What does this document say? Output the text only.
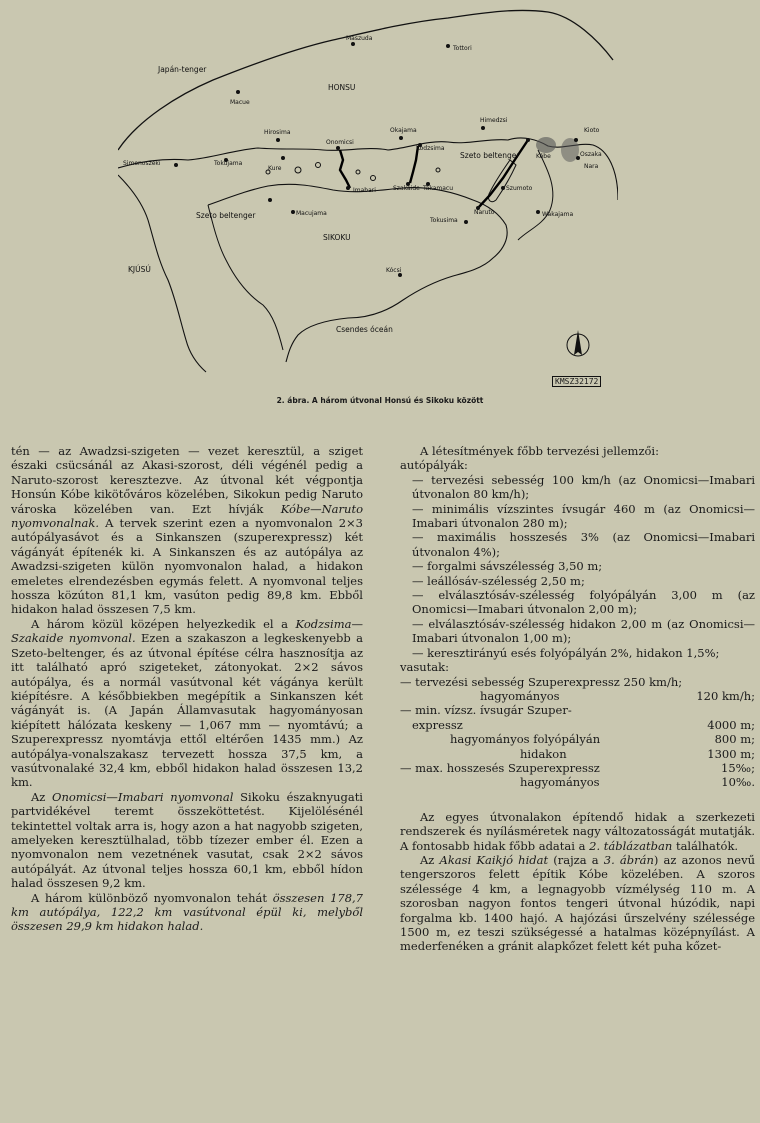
Japán-tenger
HONSU
SIKOKU
KJÚSÚ
Szeto beltenger
Szeto beltenger
Csendes óceán
Hirosima
Simonoszeki
Onomicsi
Okajama
Kodzsima
Kóbe	Oszaka
Kioto
Nara
Macue
Tottori
Maszuda
Himedzsi
Szakaide Takamacu
Imabari
Macujama
Tokusima
Naruto
Szumoto
Wakajama
Kócsi
Kure
Tokujama
KMSZ32172
2. ábra. A három útvonal Honsú és Sikoku között

tén — az Awadzsi-szigeten — vezet keresztül, a sziget északi csücsánál az Akasi-szorost, déli végénél pedig a Naruto-szorost keresztezve. Az útvonal két végpontja Honsún Kóbe kikötőváros közelében, Sikokun pedig Naruto városka közelében van. Ezt hívják Kóbe—Naruto nyomvonalnak. A tervek szerint ezen a nyomvonalon 2×3 autópályasávot és a Sinkanszen (szuperexpressz) két vágányát építenék ki. A Sinkanszen és az autópálya az Awadzsi-szigeten külön nyomvonalon halad, a hidakon emeletes elrendezésben egymás felett. A nyomvonal teljes hossza közúton 81,1 km, vasúton pedig 89,8 km. Ebből hidakon halad összesen 7,5 km.

A három közül középen helyezkedik el a Kodzsima—Szakaide nyomvonal. Ezen a szakaszon a legkeskenyebb a Szeto-beltenger, és az útvonal építése célra hasznosítja az itt található apró szigeteket, zátonyokat. 2×2 sávos autópálya, és a normál vasútvonal két vágánya került kiépítésre. A későbbiekben megépítik a Sinkanszen két vágányát is. (A Japán Államvasutak hagyományosan kiépített hálózata keskeny — 1,067 mm — nyomtávú; a Szuperexpressz nyomtávja ettől eltérően 1435 mm.) Az autópálya-vonalszakasz tervezett hossza 37,5 km, a vasútvonalaké 32,4 km, ebből hidakon halad összesen 13,2 km.

Az Onomicsi—Imabari nyomvonal Sikoku északnyugati partvidékével teremt összeköttetést. Kijelölésénél tekintettel voltak arra is, hogy azon a hat nagyobb szigeten, amelyeken keresztülhalad, több tízezer ember él. Ezen a nyomvonalon nem vezetnének vasutat, csak 2×2 sávos autópályát. Az útvonal teljes hossza 60,1 km, ebből hídon halad összesen 9,2 km.

A három különböző nyomvonalon tehát összesen 178,7 km autópálya, 122,2 km vasútvonal épül ki, melyből összesen 29,9 km hidakon halad.

A létesítmények főbb tervezési jellemzői:

autópályák:

— tervezési sebesség 100 km/h (az Onomicsi—Imabari útvonalon 80 km/h);

— minimális vízszintes ívsugár 460 m (az Onomicsi—Imabari útvonalon 280 m);

— maximális hosszesés 3% (az Onomicsi—Imabari útvonalon 4%);

— forgalmi sávszélesség 3,50 m;

— leállósáv-szélesség 2,50 m;

— elválasztósáv-szélesség folyópályán 3,00 m (az Onomicsi—Imabari útvonalon 2,00 m);

— elválasztósáv-szélesség hidakon 2,00 m (az Onomicsi—Imabari útvonalon 1,00 m);

— keresztirányú esés folyópályán 2%, hidakon 1,5%;

vasutak:

— tervezési sebesség Szuperexpressz 250 km/h;

hagyományos	120 km/h;

— min. vízsz. ívsugár Szuper-

expressz	4000 m;
hagyományos folyópályán	800 m;
hidakon	1300 m;
— max. hosszesés Szuperexpressz	15‰;
hagyományos	10‰.

Az egyes útvonalakon építendő hidak a szerkezeti rendszerek és nyílásméretek nagy változatosságát mutatják. A fontosabb hidak főbb adatai a 2. táblázatban találhatók.

Az Akasi Kaikjó hidat (rajza a 3. ábrán) az azonos nevű tengerszoros felett építik Kóbe közelében. A szoros szélessége 4 km, a legnagyobb vízmélység 110 m. A szorosban nagyon fontos tengeri útvonal húzódik, napi forgalma kb. 1400 hajó. A hajózási űrszelvény szélessége 1500 m, ez teszi szükségessé a hatalmas középnyílást. A mederfenéken a gránit alapkőzet felett két puha kőzet-
